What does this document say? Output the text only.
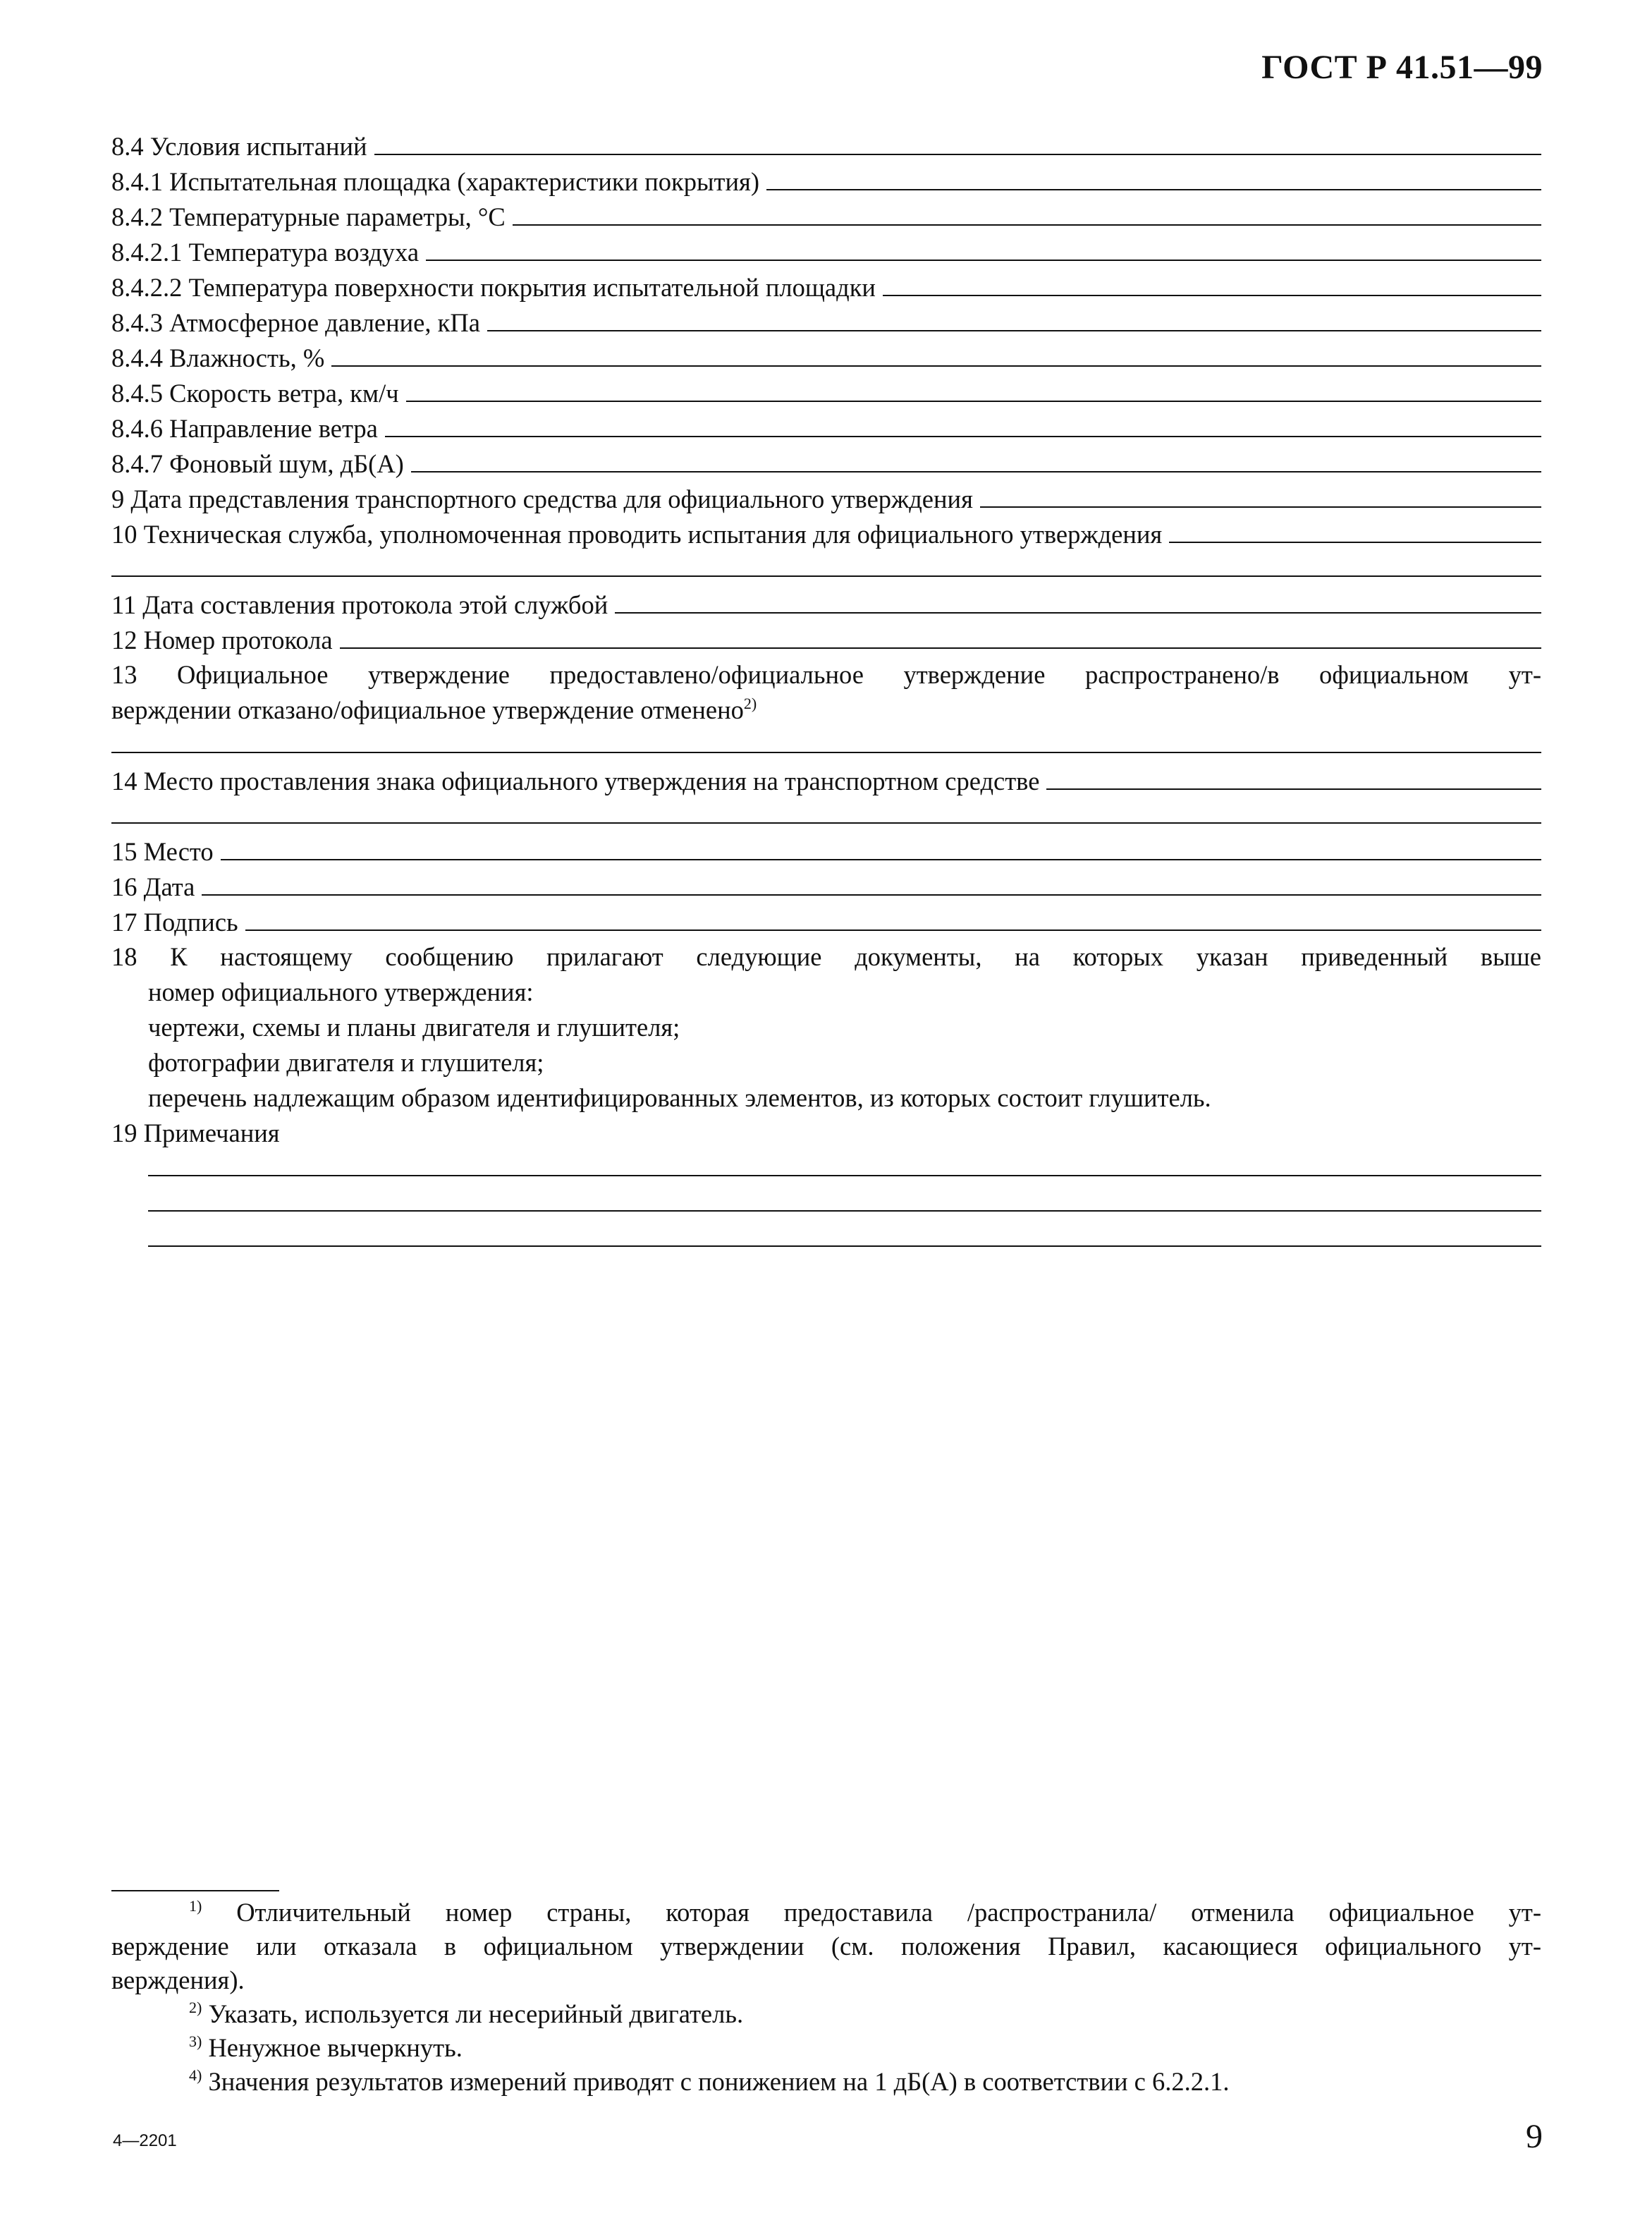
ГОСТ Р 41.51—99
8.4 Условия испытаний
8.4.1 Испытательная площадка (характеристики покрытия)
8.4.2 Температурные параметры, °С
8.4.2.1 Температура воздуха
8.4.2.2 Температура поверхности покрытия испытательной площадки
8.4.3 Атмосферное давление, кПа
8.4.4 Влажность, %
8.4.5 Скорость ветра, км/ч
8.4.6 Направление ветра
8.4.7 Фоновый шум, дБ(А)
9 Дата представления транспортного средства для официального утверждения
10 Техническая служба, уполномоченная проводить испытания для официального утверждения
11 Дата составления протокола этой службой
12 Номер протокола
13 Официальное утверждение предоставлено/официальное утверждение распространено/в официальном ут-
верждении отказано/официальное утверждение отменено$^{2)}$
14 Место проставления знака официального утверждения на транспортном средстве
15 Место
16 Дата
17 Подпись
18 К настоящему сообщению прилагают следующие документы, на которых указан приведенный выше
номер официального утверждения:
чертежи, схемы и планы двигателя и глушителя;
фотографии двигателя и глушителя;
перечень надлежащим образом идентифицированных элементов, из которых состоит глушитель.
19 Примечания
$^{1)}$ Отличительный номер страны, которая предоставила /распространила/ отменила официальное ут-
верждение или отказала в официальном утверждении (см. положения Правил, касающиеся официального ут-
верждения).
$^{2)}$ Указать, используется ли несерийный двигатель.
$^{3)}$ Ненужное вычеркнуть.
$^{4)}$ Значения результатов измерений приводят с понижением на 1 дБ(А) в соответствии с 6.2.2.1.
4—2201	9
